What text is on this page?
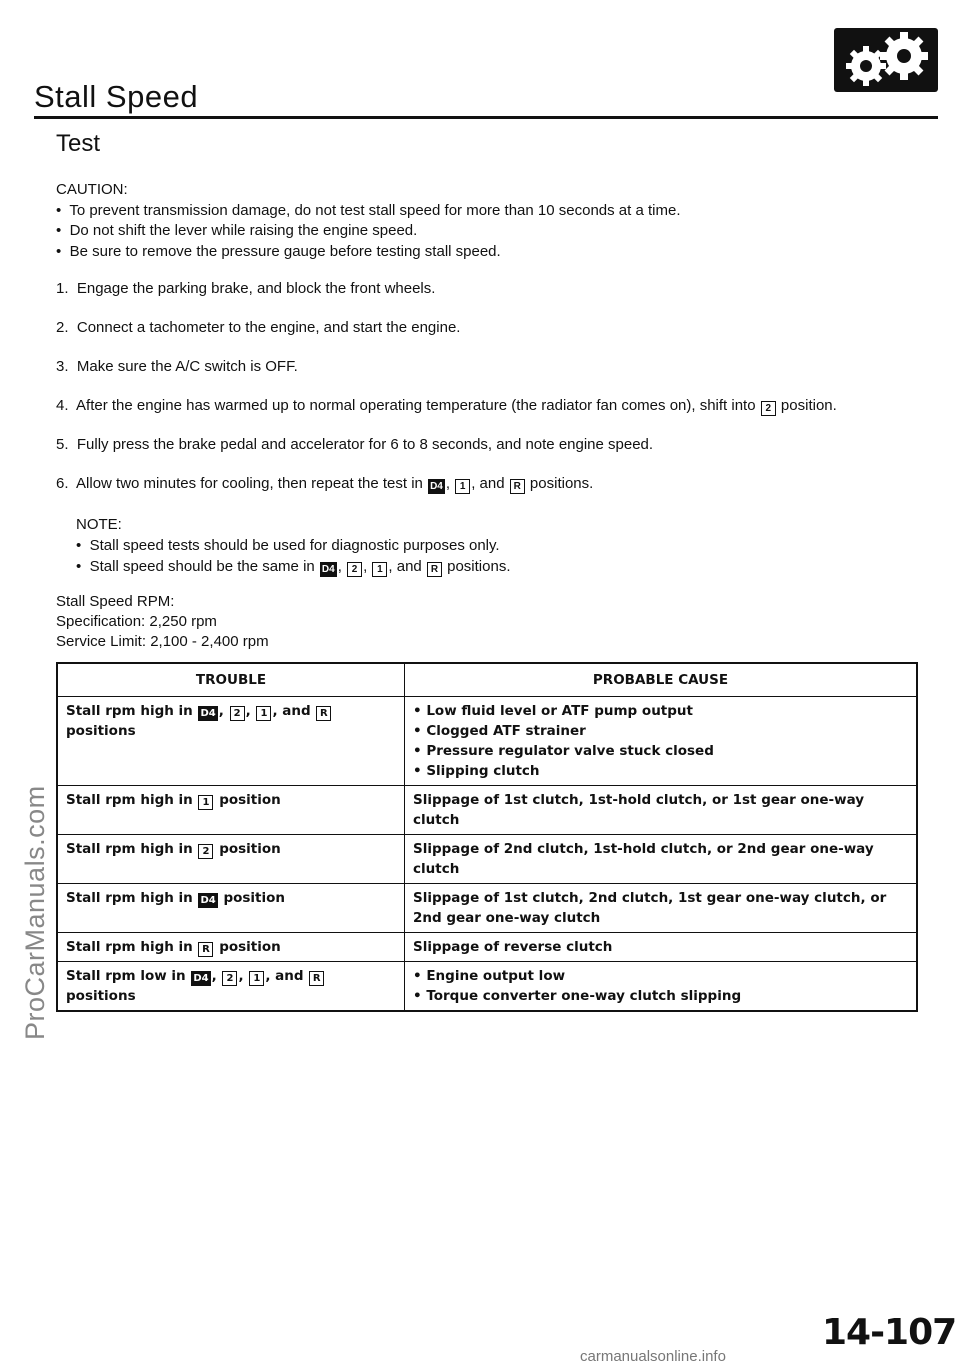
Stall Speed
Test
CAUTION:
•  To prevent transmission damage, do not test stall speed for more than 10 seconds at a time.
•  Do not shift the lever while raising the engine speed.
•  Be sure to remove the pressure gauge before testing stall speed.
1. Engage the parking brake, and block the front wheels.
2. Connect a tachometer to the engine, and start the engine.
3. Make sure the A/C switch is OFF.
4. After the engine has warmed up to normal operating temperature (the radiator fan comes on), shift into 2 position.
5. Fully press the brake pedal and accelerator for 6 to 8 seconds, and note engine speed.
6. Allow two minutes for cooling, then repeat the test in D4 , 1 , and R positions.
NOTE:
•  Stall speed tests should be used for diagnostic purposes only.
•  Stall speed should be the same in D4 , 2 , 1 , and R positions.
Stall Speed RPM:
Specification: 2,250 rpm
Service Limit: 2,100 - 2,400 rpm
TROUBLE	PROBABLE CAUSE
Stall rpm high in D4 , 2 , 1 , and R positions	• Low fluid level or ATF pump output
• Clogged ATF strainer
• Pressure regulator valve stuck closed
• Slipping clutch

Stall rpm high in 1 position	Slippage of 1st clutch, 1st-hold clutch, or 1st gear one-way clutch
Stall rpm high in 2 position	Slippage of 2nd clutch, 1st-hold clutch, or 2nd gear one-way clutch
Stall rpm high in D4 position	Slippage of 1st clutch, 2nd clutch, 1st gear one-way clutch, or 2nd gear one-way clutch
Stall rpm high in R position	Slippage of reverse clutch
Stall rpm low in D4 , 2 , 1 , and R positions	• Engine output low
• Torque converter one-way clutch slipping
ProCarManuals.com
carmanualsonline.info
14-107
